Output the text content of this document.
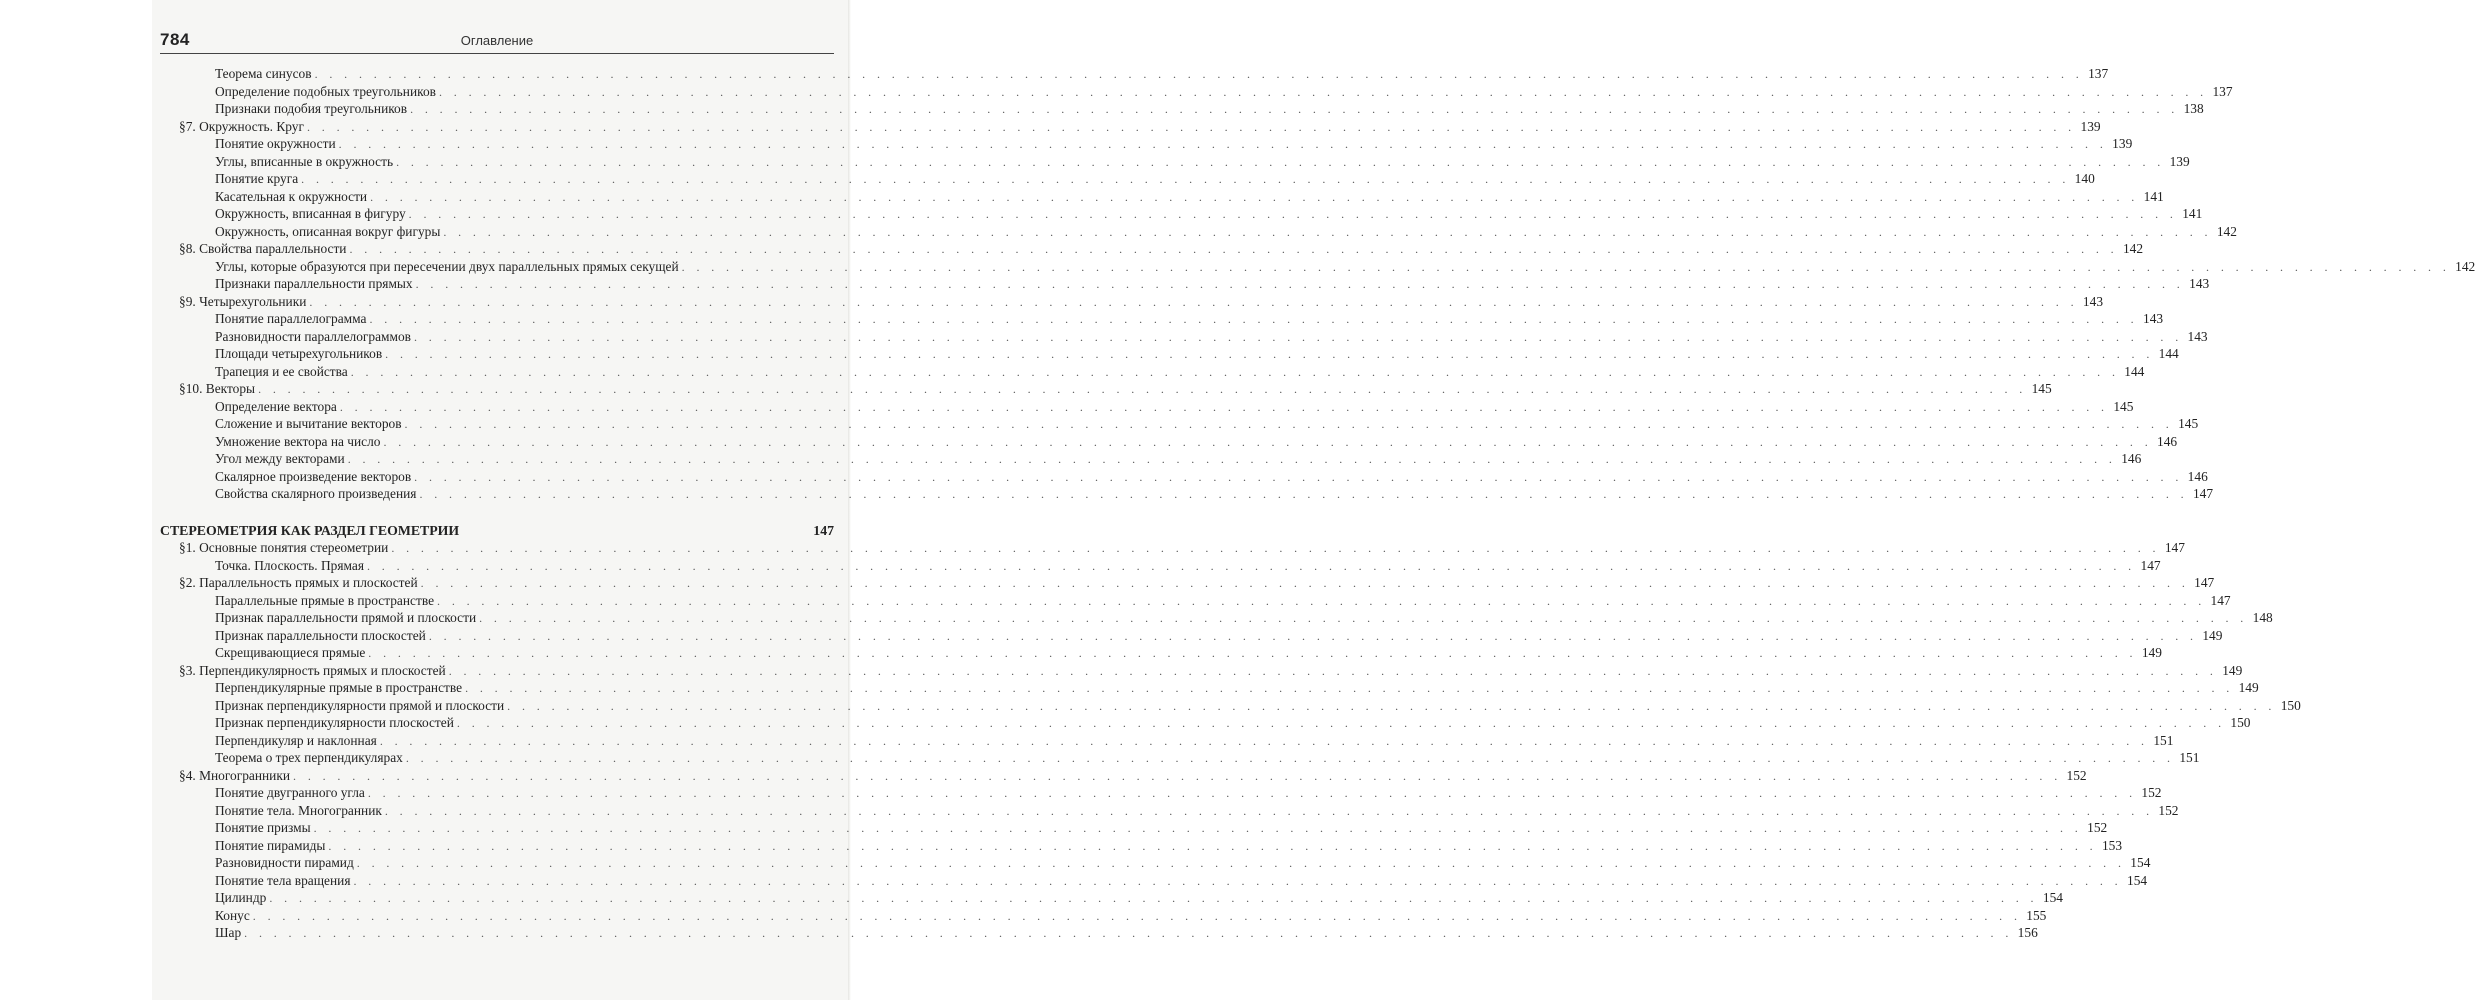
784	Оглавление
Теорема синусов . . . . . . . . . . . . . . . . . . . . . . . . . . . . . . . . . . . . . . . . . . . . . . . . . . . . . . . . . . . . . . . . . . . . . . . . . . . . . . . . . . . . . . . . . . . . . . . . . . . . . . . . . . . . . . . . . . . . . . . . 137
Определение подобных треугольников . . . . . . . . . . . . . . . . . . . . . . . . . . . . . . . . . . . . . . . . . . . . . . . . . . . . . . . . . . . . . . . . . . . . . . . . . . . . . . . . . . . . . . . . . . . . . . . . . . . . . . . . . . . . . . . . . . . . . . . . 137
Признаки подобия треугольников . . . . . . . . . . . . . . . . . . . . . . . . . . . . . . . . . . . . . . . . . . . . . . . . . . . . . . . . . . . . . . . . . . . . . . . . . . . . . . . . . . . . . . . . . . . . . . . . . . . . . . . . . . . . . . . . . . . . . . . . 138
§7. Окружность. Круг . . . . . . . . . . . . . . . . . . . . . . . . . . . . . . . . . . . . . . . . . . . . . . . . . . . . . . . . . . . . . . . . . . . . . . . . . . . . . . . . . . . . . . . . . . . . . . . . . . . . . . . . . . . . . . . . . . . . . . . . 139
Понятие окружности . . . . . . . . . . . . . . . . . . . . . . . . . . . . . . . . . . . . . . . . . . . . . . . . . . . . . . . . . . . . . . . . . . . . . . . . . . . . . . . . . . . . . . . . . . . . . . . . . . . . . . . . . . . . . . . . . . . . . . . . 139
Углы, вписанные в окружность . . . . . . . . . . . . . . . . . . . . . . . . . . . . . . . . . . . . . . . . . . . . . . . . . . . . . . . . . . . . . . . . . . . . . . . . . . . . . . . . . . . . . . . . . . . . . . . . . . . . . . . . . . . . . . . . . . . . . . . . 139
Понятие круга . . . . . . . . . . . . . . . . . . . . . . . . . . . . . . . . . . . . . . . . . . . . . . . . . . . . . . . . . . . . . . . . . . . . . . . . . . . . . . . . . . . . . . . . . . . . . . . . . . . . . . . . . . . . . . . . . . . . . . . . 140
Касательная к окружности . . . . . . . . . . . . . . . . . . . . . . . . . . . . . . . . . . . . . . . . . . . . . . . . . . . . . . . . . . . . . . . . . . . . . . . . . . . . . . . . . . . . . . . . . . . . . . . . . . . . . . . . . . . . . . . . . . . . . . . . 141
Окружность, вписанная в фигуру . . . . . . . . . . . . . . . . . . . . . . . . . . . . . . . . . . . . . . . . . . . . . . . . . . . . . . . . . . . . . . . . . . . . . . . . . . . . . . . . . . . . . . . . . . . . . . . . . . . . . . . . . . . . . . . . . . . . . . . . 141
Окружность, описанная вокруг фигуры . . . . . . . . . . . . . . . . . . . . . . . . . . . . . . . . . . . . . . . . . . . . . . . . . . . . . . . . . . . . . . . . . . . . . . . . . . . . . . . . . . . . . . . . . . . . . . . . . . . . . . . . . . . . . . . . . . . . . . . . 142
§8. Свойства параллельности . . . . . . . . . . . . . . . . . . . . . . . . . . . . . . . . . . . . . . . . . . . . . . . . . . . . . . . . . . . . . . . . . . . . . . . . . . . . . . . . . . . . . . . . . . . . . . . . . . . . . . . . . . . . . . . . . . . . . . . . 142
Углы, которые образуются при пересечении двух параллельных прямых секущей . . . . . . . . . . . . . . . . . . . . . . . . . . . . . . . . . . . . . . . . . . . . . . . . . . . . . . . . . . . . . . . . . . . . . . . . . . . . . . . . . . . . . . . . . . . . . . . . . . . . . . . . . . . . . . . . . . . . . . . . 142
Признаки параллельности прямых . . . . . . . . . . . . . . . . . . . . . . . . . . . . . . . . . . . . . . . . . . . . . . . . . . . . . . . . . . . . . . . . . . . . . . . . . . . . . . . . . . . . . . . . . . . . . . . . . . . . . . . . . . . . . . . . . . . . . . . . 143
§9. Четырехугольники . . . . . . . . . . . . . . . . . . . . . . . . . . . . . . . . . . . . . . . . . . . . . . . . . . . . . . . . . . . . . . . . . . . . . . . . . . . . . . . . . . . . . . . . . . . . . . . . . . . . . . . . . . . . . . . . . . . . . . . . 143
Понятие параллелограмма . . . . . . . . . . . . . . . . . . . . . . . . . . . . . . . . . . . . . . . . . . . . . . . . . . . . . . . . . . . . . . . . . . . . . . . . . . . . . . . . . . . . . . . . . . . . . . . . . . . . . . . . . . . . . . . . . . . . . . . . 143
Разновидности параллелограммов . . . . . . . . . . . . . . . . . . . . . . . . . . . . . . . . . . . . . . . . . . . . . . . . . . . . . . . . . . . . . . . . . . . . . . . . . . . . . . . . . . . . . . . . . . . . . . . . . . . . . . . . . . . . . . . . . . . . . . . . 143
Площади четырехугольников . . . . . . . . . . . . . . . . . . . . . . . . . . . . . . . . . . . . . . . . . . . . . . . . . . . . . . . . . . . . . . . . . . . . . . . . . . . . . . . . . . . . . . . . . . . . . . . . . . . . . . . . . . . . . . . . . . . . . . . . 144
Трапеция и ее свойства . . . . . . . . . . . . . . . . . . . . . . . . . . . . . . . . . . . . . . . . . . . . . . . . . . . . . . . . . . . . . . . . . . . . . . . . . . . . . . . . . . . . . . . . . . . . . . . . . . . . . . . . . . . . . . . . . . . . . . . . 144
§10. Векторы . . . . . . . . . . . . . . . . . . . . . . . . . . . . . . . . . . . . . . . . . . . . . . . . . . . . . . . . . . . . . . . . . . . . . . . . . . . . . . . . . . . . . . . . . . . . . . . . . . . . . . . . . . . . . . . . . . . . . . . . 145
Определение вектора . . . . . . . . . . . . . . . . . . . . . . . . . . . . . . . . . . . . . . . . . . . . . . . . . . . . . . . . . . . . . . . . . . . . . . . . . . . . . . . . . . . . . . . . . . . . . . . . . . . . . . . . . . . . . . . . . . . . . . . . 145
Сложение и вычитание векторов . . . . . . . . . . . . . . . . . . . . . . . . . . . . . . . . . . . . . . . . . . . . . . . . . . . . . . . . . . . . . . . . . . . . . . . . . . . . . . . . . . . . . . . . . . . . . . . . . . . . . . . . . . . . . . . . . . . . . . . . 145
Умножение вектора на число . . . . . . . . . . . . . . . . . . . . . . . . . . . . . . . . . . . . . . . . . . . . . . . . . . . . . . . . . . . . . . . . . . . . . . . . . . . . . . . . . . . . . . . . . . . . . . . . . . . . . . . . . . . . . . . . . . . . . . . . 146
Угол между векторами . . . . . . . . . . . . . . . . . . . . . . . . . . . . . . . . . . . . . . . . . . . . . . . . . . . . . . . . . . . . . . . . . . . . . . . . . . . . . . . . . . . . . . . . . . . . . . . . . . . . . . . . . . . . . . . . . . . . . . . . 146
Скалярное произведение векторов . . . . . . . . . . . . . . . . . . . . . . . . . . . . . . . . . . . . . . . . . . . . . . . . . . . . . . . . . . . . . . . . . . . . . . . . . . . . . . . . . . . . . . . . . . . . . . . . . . . . . . . . . . . . . . . . . . . . . . . . 146
Свойства скалярного произведения . . . . . . . . . . . . . . . . . . . . . . . . . . . . . . . . . . . . . . . . . . . . . . . . . . . . . . . . . . . . . . . . . . . . . . . . . . . . . . . . . . . . . . . . . . . . . . . . . . . . . . . . . . . . . . . . . . . . . . . . 147
СТЕРЕОМЕТРИЯ КАК РАЗДЕЛ ГЕОМЕТРИИ	147
§1. Основные понятия стереометрии . . . . . . . . . . . . . . . . . . . . . . . . . . . . . . . . . . . . . . . . . . . . . . . . . . . . . . . . . . . . . . . . . . . . . . . . . . . . . . . . . . . . . . . . . . . . . . . . . . . . . . . . . . . . . . . . . . . . . . . . 147
Точка. Плоскость. Прямая . . . . . . . . . . . . . . . . . . . . . . . . . . . . . . . . . . . . . . . . . . . . . . . . . . . . . . . . . . . . . . . . . . . . . . . . . . . . . . . . . . . . . . . . . . . . . . . . . . . . . . . . . . . . . . . . . . . . . . . . 147
§2. Параллельность прямых и плоскостей . . . . . . . . . . . . . . . . . . . . . . . . . . . . . . . . . . . . . . . . . . . . . . . . . . . . . . . . . . . . . . . . . . . . . . . . . . . . . . . . . . . . . . . . . . . . . . . . . . . . . . . . . . . . . . . . . . . . . . . . 147
Параллельные прямые в пространстве . . . . . . . . . . . . . . . . . . . . . . . . . . . . . . . . . . . . . . . . . . . . . . . . . . . . . . . . . . . . . . . . . . . . . . . . . . . . . . . . . . . . . . . . . . . . . . . . . . . . . . . . . . . . . . . . . . . . . . . . 147
Признак параллельности прямой и плоскости . . . . . . . . . . . . . . . . . . . . . . . . . . . . . . . . . . . . . . . . . . . . . . . . . . . . . . . . . . . . . . . . . . . . . . . . . . . . . . . . . . . . . . . . . . . . . . . . . . . . . . . . . . . . . . . . . . . . . . . . 148
Признак параллельности плоскостей . . . . . . . . . . . . . . . . . . . . . . . . . . . . . . . . . . . . . . . . . . . . . . . . . . . . . . . . . . . . . . . . . . . . . . . . . . . . . . . . . . . . . . . . . . . . . . . . . . . . . . . . . . . . . . . . . . . . . . . . 149
Скрещивающиеся прямые . . . . . . . . . . . . . . . . . . . . . . . . . . . . . . . . . . . . . . . . . . . . . . . . . . . . . . . . . . . . . . . . . . . . . . . . . . . . . . . . . . . . . . . . . . . . . . . . . . . . . . . . . . . . . . . . . . . . . . . . 149
§3. Перпендикулярность прямых и плоскостей . . . . . . . . . . . . . . . . . . . . . . . . . . . . . . . . . . . . . . . . . . . . . . . . . . . . . . . . . . . . . . . . . . . . . . . . . . . . . . . . . . . . . . . . . . . . . . . . . . . . . . . . . . . . . . . . . . . . . . . . 149
Перпендикулярные прямые в пространстве . . . . . . . . . . . . . . . . . . . . . . . . . . . . . . . . . . . . . . . . . . . . . . . . . . . . . . . . . . . . . . . . . . . . . . . . . . . . . . . . . . . . . . . . . . . . . . . . . . . . . . . . . . . . . . . . . . . . . . . . 149
Признак перпендикулярности прямой и плоскости . . . . . . . . . . . . . . . . . . . . . . . . . . . . . . . . . . . . . . . . . . . . . . . . . . . . . . . . . . . . . . . . . . . . . . . . . . . . . . . . . . . . . . . . . . . . . . . . . . . . . . . . . . . . . . . . . . . . . . . . 150
Признак перпендикулярности плоскостей . . . . . . . . . . . . . . . . . . . . . . . . . . . . . . . . . . . . . . . . . . . . . . . . . . . . . . . . . . . . . . . . . . . . . . . . . . . . . . . . . . . . . . . . . . . . . . . . . . . . . . . . . . . . . . . . . . . . . . . . 150
Перпендикуляр и наклонная . . . . . . . . . . . . . . . . . . . . . . . . . . . . . . . . . . . . . . . . . . . . . . . . . . . . . . . . . . . . . . . . . . . . . . . . . . . . . . . . . . . . . . . . . . . . . . . . . . . . . . . . . . . . . . . . . . . . . . . . 151
Теорема о трех перпендикулярах . . . . . . . . . . . . . . . . . . . . . . . . . . . . . . . . . . . . . . . . . . . . . . . . . . . . . . . . . . . . . . . . . . . . . . . . . . . . . . . . . . . . . . . . . . . . . . . . . . . . . . . . . . . . . . . . . . . . . . . . 151
§4. Многогранники . . . . . . . . . . . . . . . . . . . . . . . . . . . . . . . . . . . . . . . . . . . . . . . . . . . . . . . . . . . . . . . . . . . . . . . . . . . . . . . . . . . . . . . . . . . . . . . . . . . . . . . . . . . . . . . . . . . . . . . . 152
Понятие двугранного угла . . . . . . . . . . . . . . . . . . . . . . . . . . . . . . . . . . . . . . . . . . . . . . . . . . . . . . . . . . . . . . . . . . . . . . . . . . . . . . . . . . . . . . . . . . . . . . . . . . . . . . . . . . . . . . . . . . . . . . . . 152
Понятие тела. Многогранник . . . . . . . . . . . . . . . . . . . . . . . . . . . . . . . . . . . . . . . . . . . . . . . . . . . . . . . . . . . . . . . . . . . . . . . . . . . . . . . . . . . . . . . . . . . . . . . . . . . . . . . . . . . . . . . . . . . . . . . . 152
Понятие призмы . . . . . . . . . . . . . . . . . . . . . . . . . . . . . . . . . . . . . . . . . . . . . . . . . . . . . . . . . . . . . . . . . . . . . . . . . . . . . . . . . . . . . . . . . . . . . . . . . . . . . . . . . . . . . . . . . . . . . . . . 152
Понятие пирамиды . . . . . . . . . . . . . . . . . . . . . . . . . . . . . . . . . . . . . . . . . . . . . . . . . . . . . . . . . . . . . . . . . . . . . . . . . . . . . . . . . . . . . . . . . . . . . . . . . . . . . . . . . . . . . . . . . . . . . . . . 153
Разновидности пирамид . . . . . . . . . . . . . . . . . . . . . . . . . . . . . . . . . . . . . . . . . . . . . . . . . . . . . . . . . . . . . . . . . . . . . . . . . . . . . . . . . . . . . . . . . . . . . . . . . . . . . . . . . . . . . . . . . . . . . . . . 154
Понятие тела вращения . . . . . . . . . . . . . . . . . . . . . . . . . . . . . . . . . . . . . . . . . . . . . . . . . . . . . . . . . . . . . . . . . . . . . . . . . . . . . . . . . . . . . . . . . . . . . . . . . . . . . . . . . . . . . . . . . . . . . . . . 154
Цилиндр . . . . . . . . . . . . . . . . . . . . . . . . . . . . . . . . . . . . . . . . . . . . . . . . . . . . . . . . . . . . . . . . . . . . . . . . . . . . . . . . . . . . . . . . . . . . . . . . . . . . . . . . . . . . . . . . . . . . . . . . 154
Конус . . . . . . . . . . . . . . . . . . . . . . . . . . . . . . . . . . . . . . . . . . . . . . . . . . . . . . . . . . . . . . . . . . . . . . . . . . . . . . . . . . . . . . . . . . . . . . . . . . . . . . . . . . . . . . . . . . . . . . . . 155
Шар . . . . . . . . . . . . . . . . . . . . . . . . . . . . . . . . . . . . . . . . . . . . . . . . . . . . . . . . . . . . . . . . . . . . . . . . . . . . . . . . . . . . . . . . . . . . . . . . . . . . . . . . . . . . . . . . . . . . . . . . 156
